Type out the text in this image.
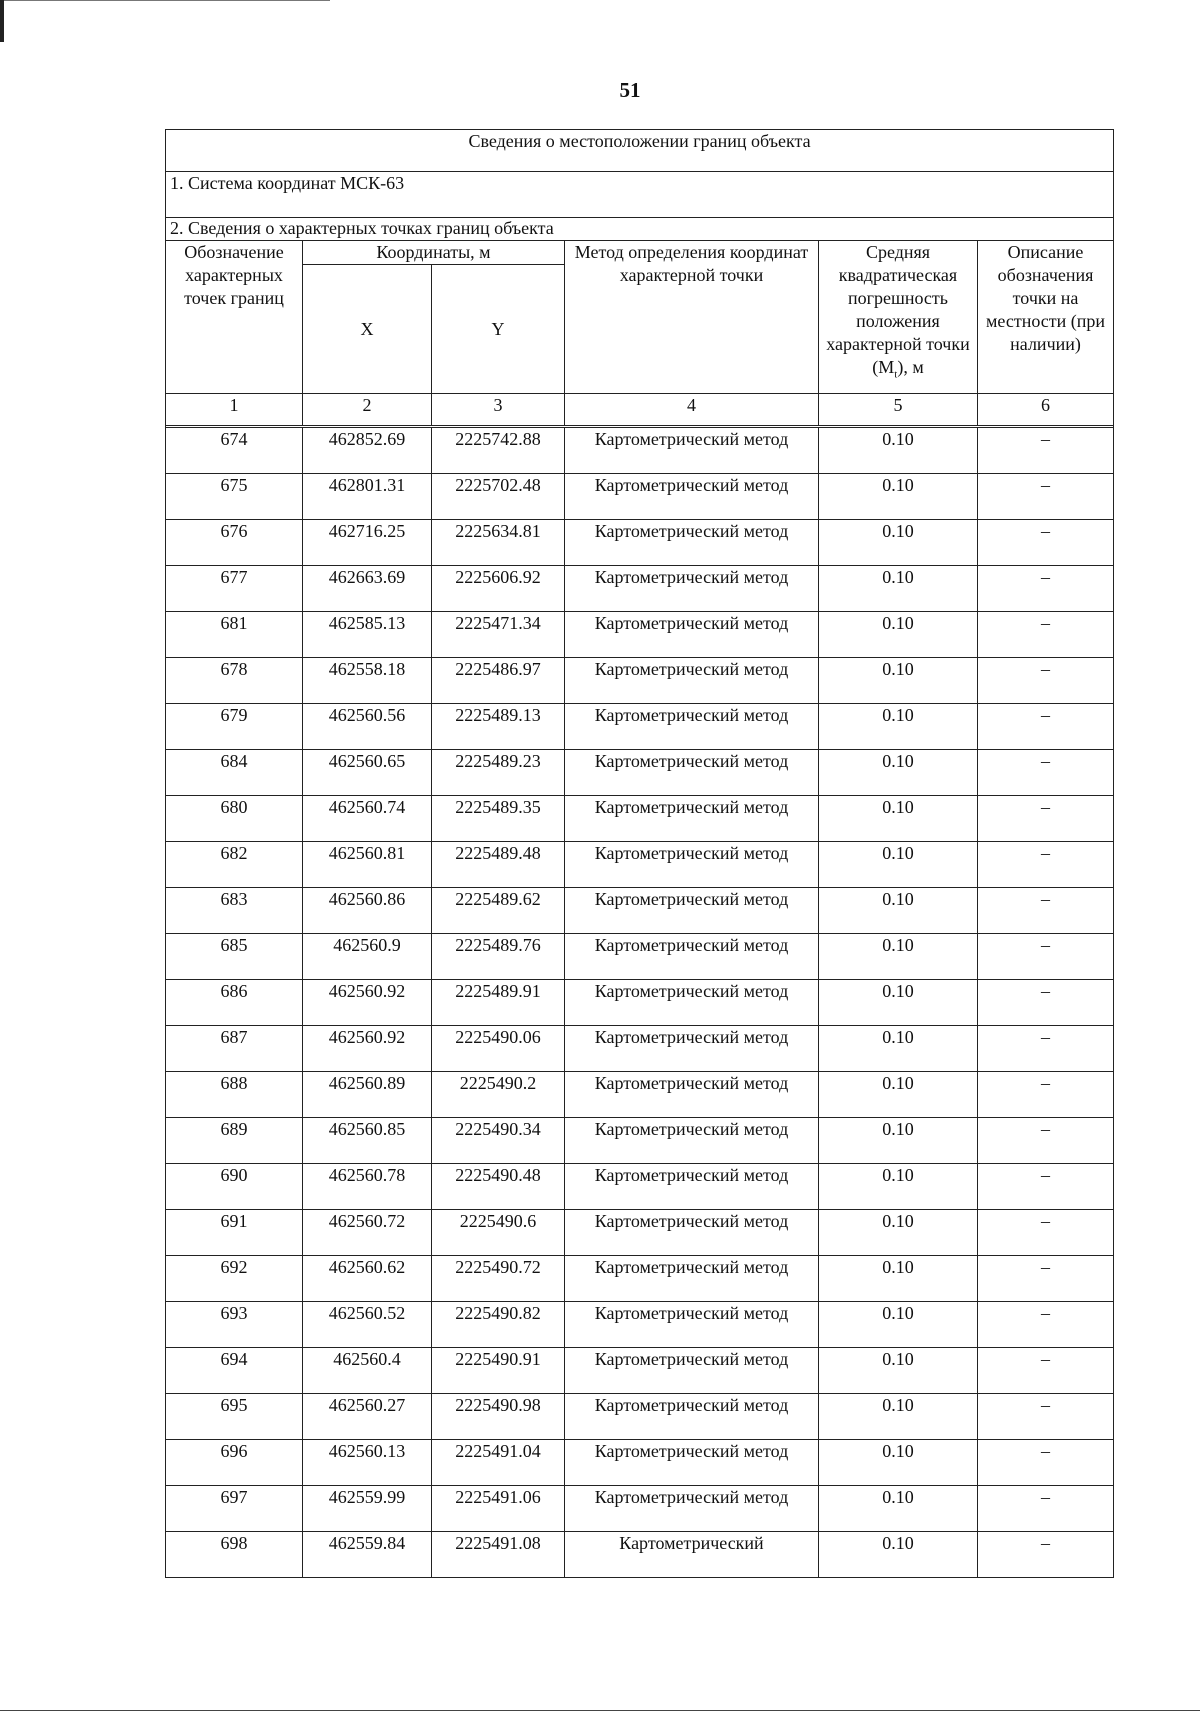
51
Сведения о местоположении границ объекта					
1. Система координат МСК-63					
2. Сведения о характерных точках границ объекта					
Обозначение характерных точек границ	Координаты, м		Метод определения координат характерной точки	Средняя квадратическая погрешность положения характерной точки $(M_t)$, м	Описание обозначения точки на местности (при наличии)
	X	Y			
1	2	3	4	5	6

674	462852.69	2225742.88	Картометрический метод	0.10	–
675	462801.31	2225702.48	Картометрический метод	0.10	–
676	462716.25	2225634.81	Картометрический метод	0.10	–
677	462663.69	2225606.92	Картометрический метод	0.10	–
681	462585.13	2225471.34	Картометрический метод	0.10	–
678	462558.18	2225486.97	Картометрический метод	0.10	–
679	462560.56	2225489.13	Картометрический метод	0.10	–
684	462560.65	2225489.23	Картометрический метод	0.10	–
680	462560.74	2225489.35	Картометрический метод	0.10	–
682	462560.81	2225489.48	Картометрический метод	0.10	–
683	462560.86	2225489.62	Картометрический метод	0.10	–
685	462560.9	2225489.76	Картометрический метод	0.10	–
686	462560.92	2225489.91	Картометрический метод	0.10	–
687	462560.92	2225490.06	Картометрический метод	0.10	–
688	462560.89	2225490.2	Картометрический метод	0.10	–
689	462560.85	2225490.34	Картометрический метод	0.10	–
690	462560.78	2225490.48	Картометрический метод	0.10	–
691	462560.72	2225490.6	Картометрический метод	0.10	–
692	462560.62	2225490.72	Картометрический метод	0.10	–
693	462560.52	2225490.82	Картометрический метод	0.10	–
694	462560.4	2225490.91	Картометрический метод	0.10	–
695	462560.27	2225490.98	Картометрический метод	0.10	–
696	462560.13	2225491.04	Картометрический метод	0.10	–
697	462559.99	2225491.06	Картометрический метод	0.10	–
698	462559.84	2225491.08	Картометрический	0.10	–
